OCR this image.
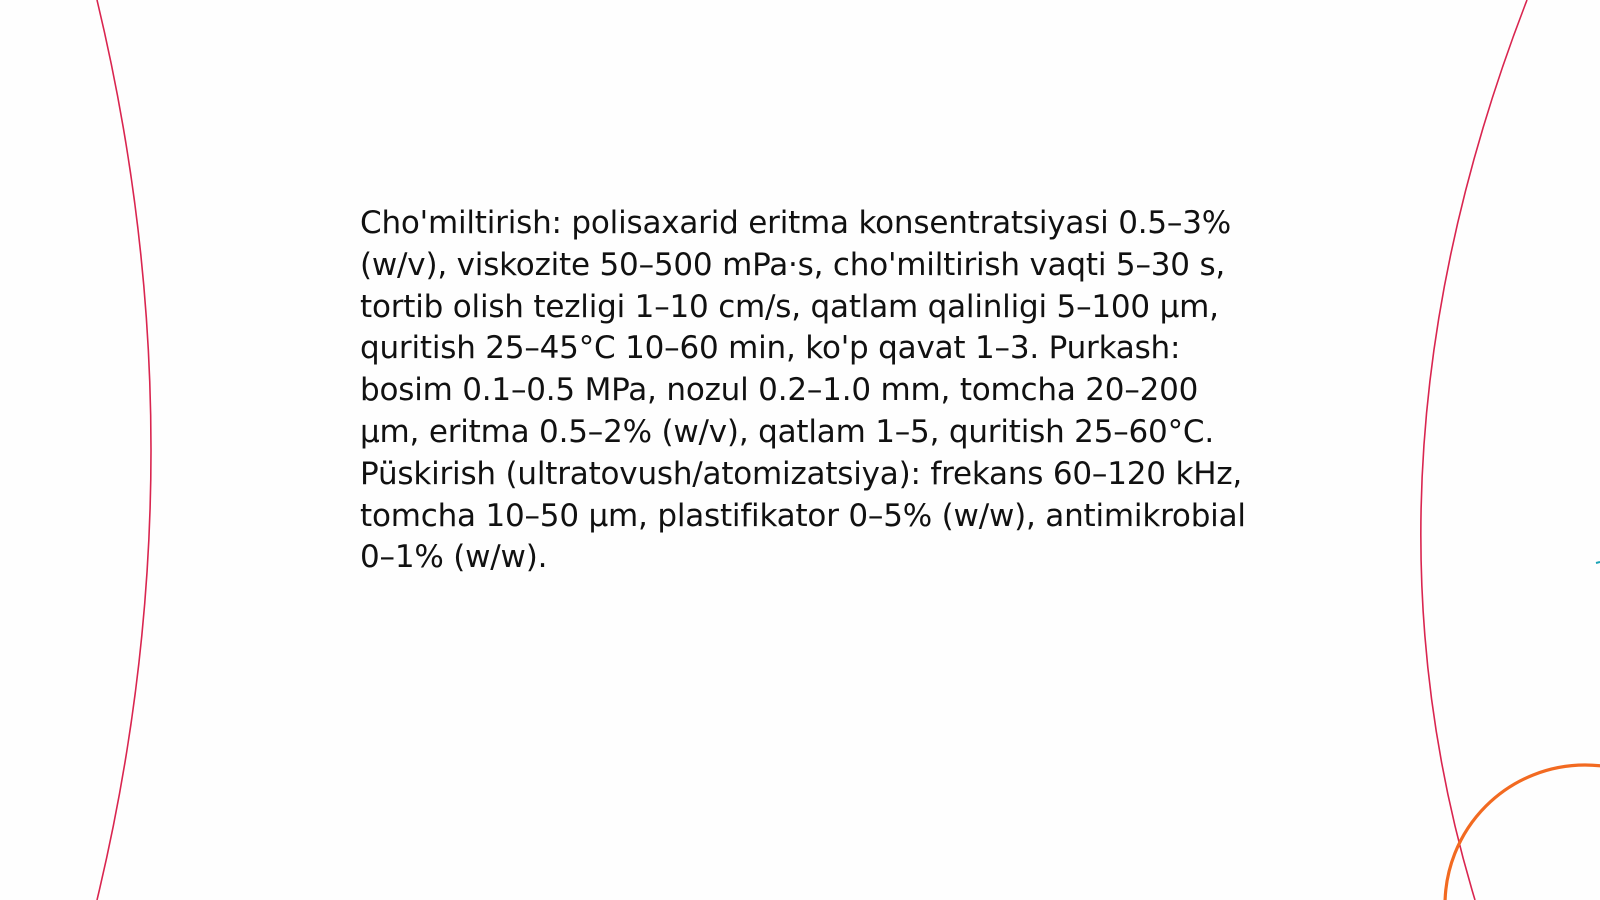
Cho'miltirish: polisaxarid eritma konsentratsiyasi 0.5–3% (w/v), viskozite 50–500 mPa·s, cho'miltirish vaqti 5–30 s, tortib olish tezligi 1–10 cm/s, qatlam qalinligi 5–100 µm, quritish 25–45°C 10–60 min, ko'p qavat 1–3. Purkash: bosim 0.1–0.5 MPa, nozul 0.2–1.0 mm, tomcha 20–200 µm, eritma 0.5–2% (w/v), qatlam 1–5, quritish 25–60°C. Püskirish (ultratovush/atomizatsiya): frekans 60–120 kHz, tomcha 10–50 µm, plastifikator 0–5% (w/w), antimikrobial 0–1% (w/w).
